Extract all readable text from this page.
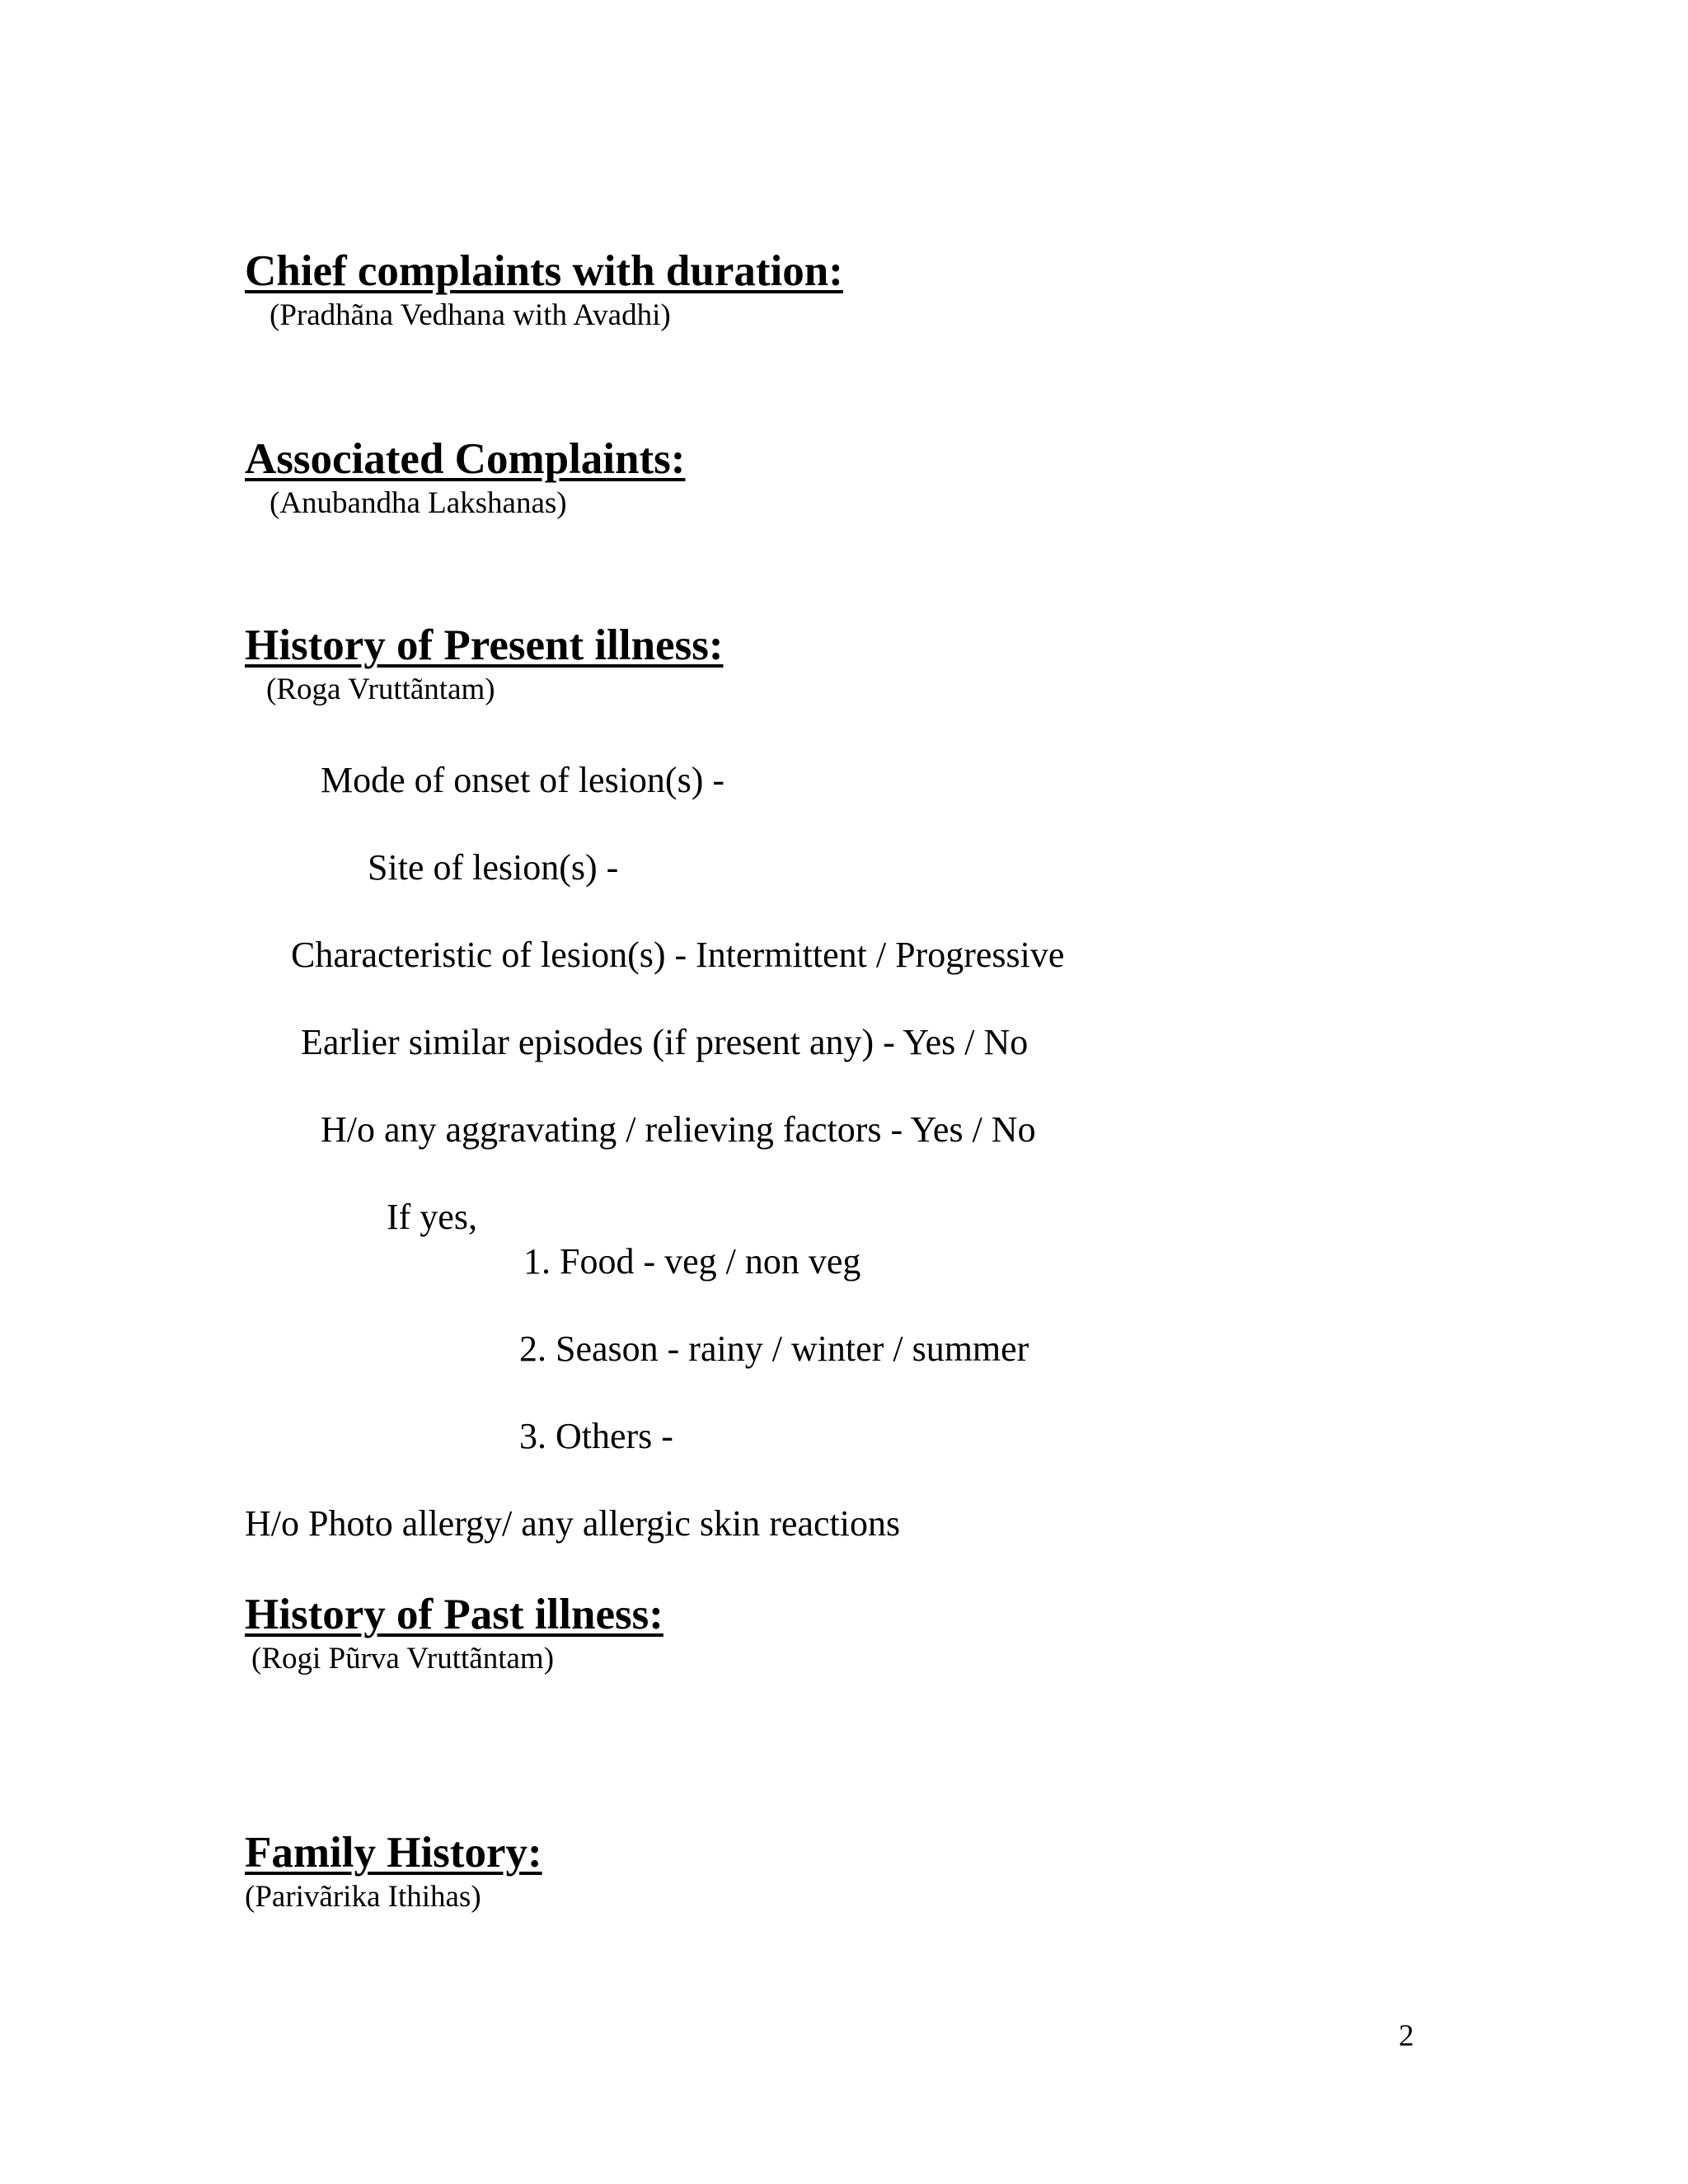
Chief complaints with duration:
(Pradhãna Vedhana with Avadhi)
Associated Complaints:
(Anubandha Lakshanas)
History of Present illness:
(Roga Vruttãntam)
Mode of onset of lesion(s) -
Site of lesion(s) -
Characteristic of lesion(s) - Intermittent / Progressive
Earlier similar episodes (if present any) - Yes / No
H/o any aggravating / relieving factors - Yes / No
If yes,
1. Food - veg / non veg
2. Season - rainy / winter / summer
3. Others -
H/o Photo allergy/ any allergic skin reactions
History of Past illness:
(Rogi Pũrva Vruttãntam)
Family History:
(Parivãrika Ithihas)
2
